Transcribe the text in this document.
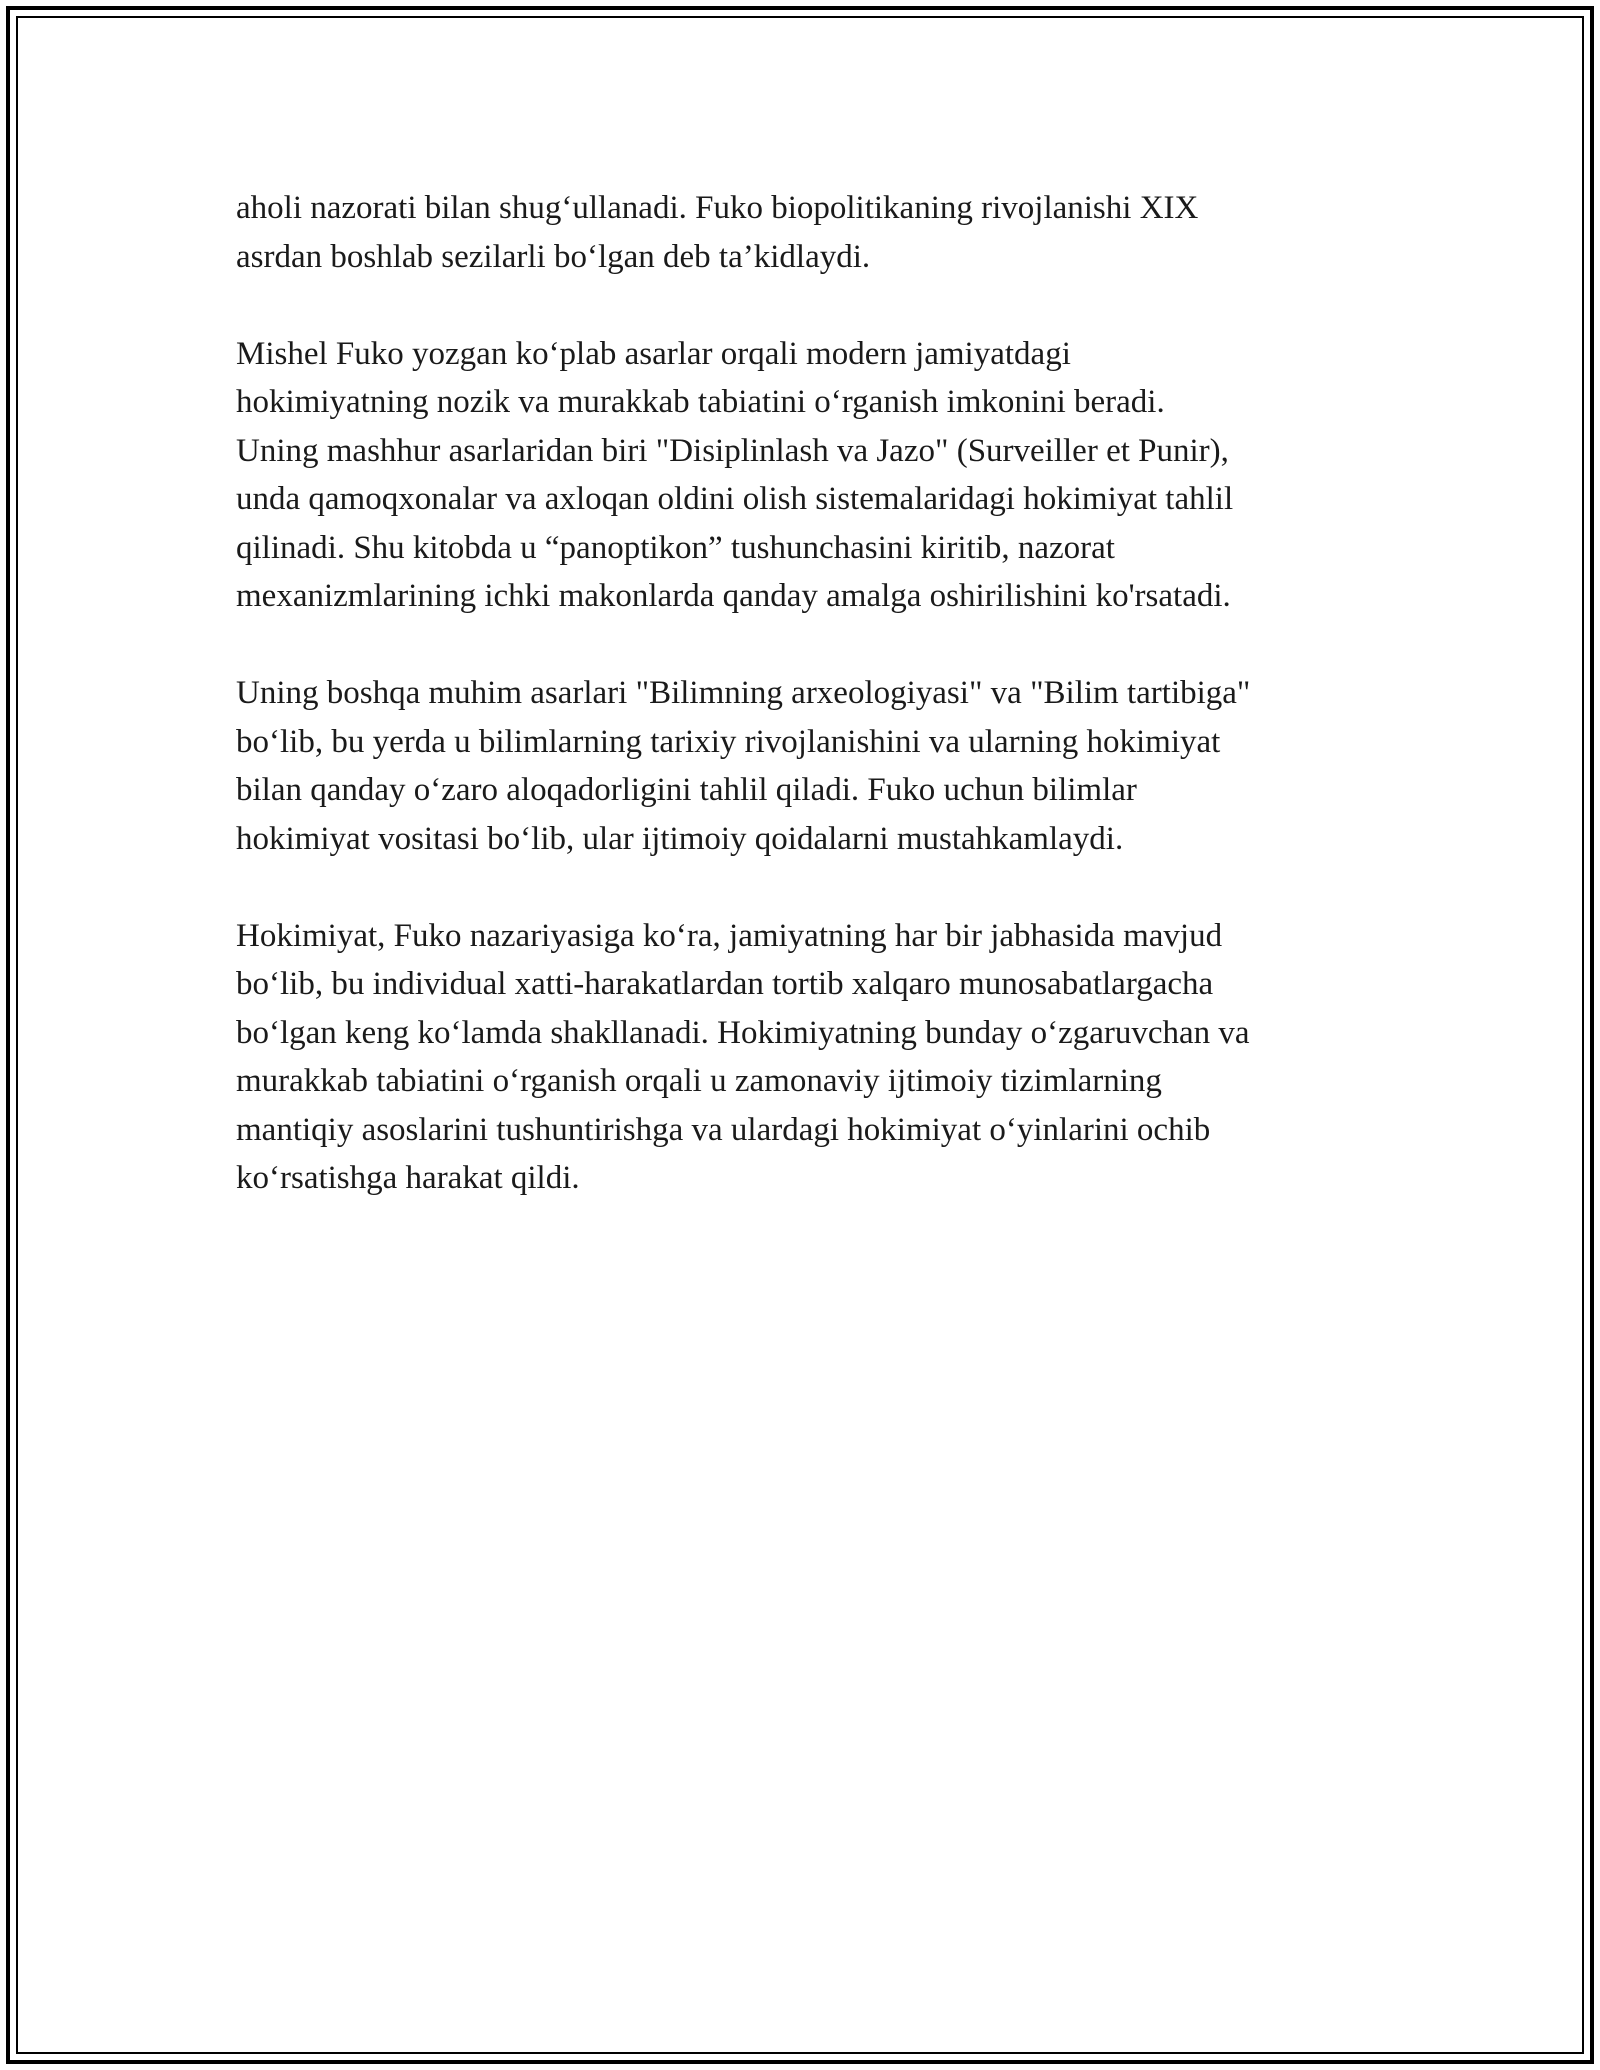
aholi nazorati bilan shug‘ullanadi. Fuko biopolitikaning rivojlanishi XIX
asrdan boshlab sezilarli bo‘lgan deb ta’kidlaydi.

Mishel Fuko yozgan ko‘plab asarlar orqali modern jamiyatdagi
hokimiyatning nozik va murakkab tabiatini o‘rganish imkonini beradi.
Uning mashhur asarlaridan biri "Disiplinlash va Jazo" (Surveiller et Punir),
unda qamoqxonalar va axloqan oldini olish sistemalaridagi hokimiyat tahlil
qilinadi. Shu kitobda u “panoptikon” tushunchasini kiritib, nazorat
mexanizmlarining ichki makonlarda qanday amalga oshirilishini ko'rsatadi.

Uning boshqa muhim asarlari "Bilimning arxeologiyasi" va "Bilim tartibiga"
bo‘lib, bu yerda u bilimlarning tarixiy rivojlanishini va ularning hokimiyat
bilan qanday o‘zaro aloqadorligini tahlil qiladi. Fuko uchun bilimlar
hokimiyat vositasi bo‘lib, ular ijtimoiy qoidalarni mustahkamlaydi.

Hokimiyat, Fuko nazariyasiga ko‘ra, jamiyatning har bir jabhasida mavjud
bo‘lib, bu individual xatti-harakatlardan tortib xalqaro munosabatlargacha
bo‘lgan keng ko‘lamda shakllanadi. Hokimiyatning bunday o‘zgaruvchan va
murakkab tabiatini o‘rganish orqali u zamonaviy ijtimoiy tizimlarning
mantiqiy asoslarini tushuntirishga va ulardagi hokimiyat o‘yinlarini ochib
ko‘rsatishga harakat qildi.
